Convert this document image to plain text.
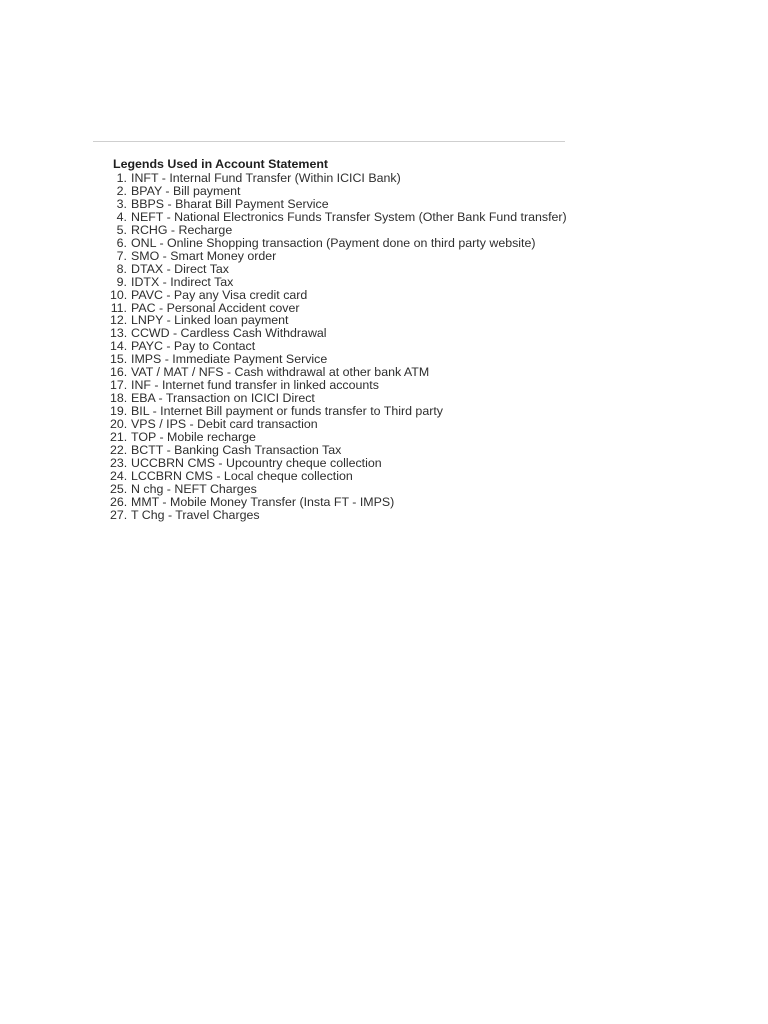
Legends Used in Account Statement
1. INFT - Internal Fund Transfer (Within ICICI Bank)
2. BPAY - Bill payment
3. BBPS - Bharat Bill Payment Service
4. NEFT - National Electronics Funds Transfer System (Other Bank Fund transfer)
5. RCHG - Recharge
6. ONL - Online Shopping transaction (Payment done on third party website)
7. SMO - Smart Money order
8. DTAX - Direct Tax
9. IDTX - Indirect Tax
10. PAVC - Pay any Visa credit card
11. PAC - Personal Accident cover
12. LNPY - Linked loan payment
13. CCWD - Cardless Cash Withdrawal
14. PAYC - Pay to Contact
15. IMPS - Immediate Payment Service
16. VAT / MAT / NFS - Cash withdrawal at other bank ATM
17. INF - Internet fund transfer in linked accounts
18. EBA - Transaction on ICICI Direct
19. BIL - Internet Bill payment or funds transfer to Third party
20. VPS / IPS - Debit card transaction
21. TOP - Mobile recharge
22. BCTT - Banking Cash Transaction Tax
23. UCCBRN CMS - Upcountry cheque collection
24. LCCBRN CMS - Local cheque collection
25. N chg - NEFT Charges
26. MMT - Mobile Money Transfer (Insta FT - IMPS)
27. T Chg - Travel Charges
